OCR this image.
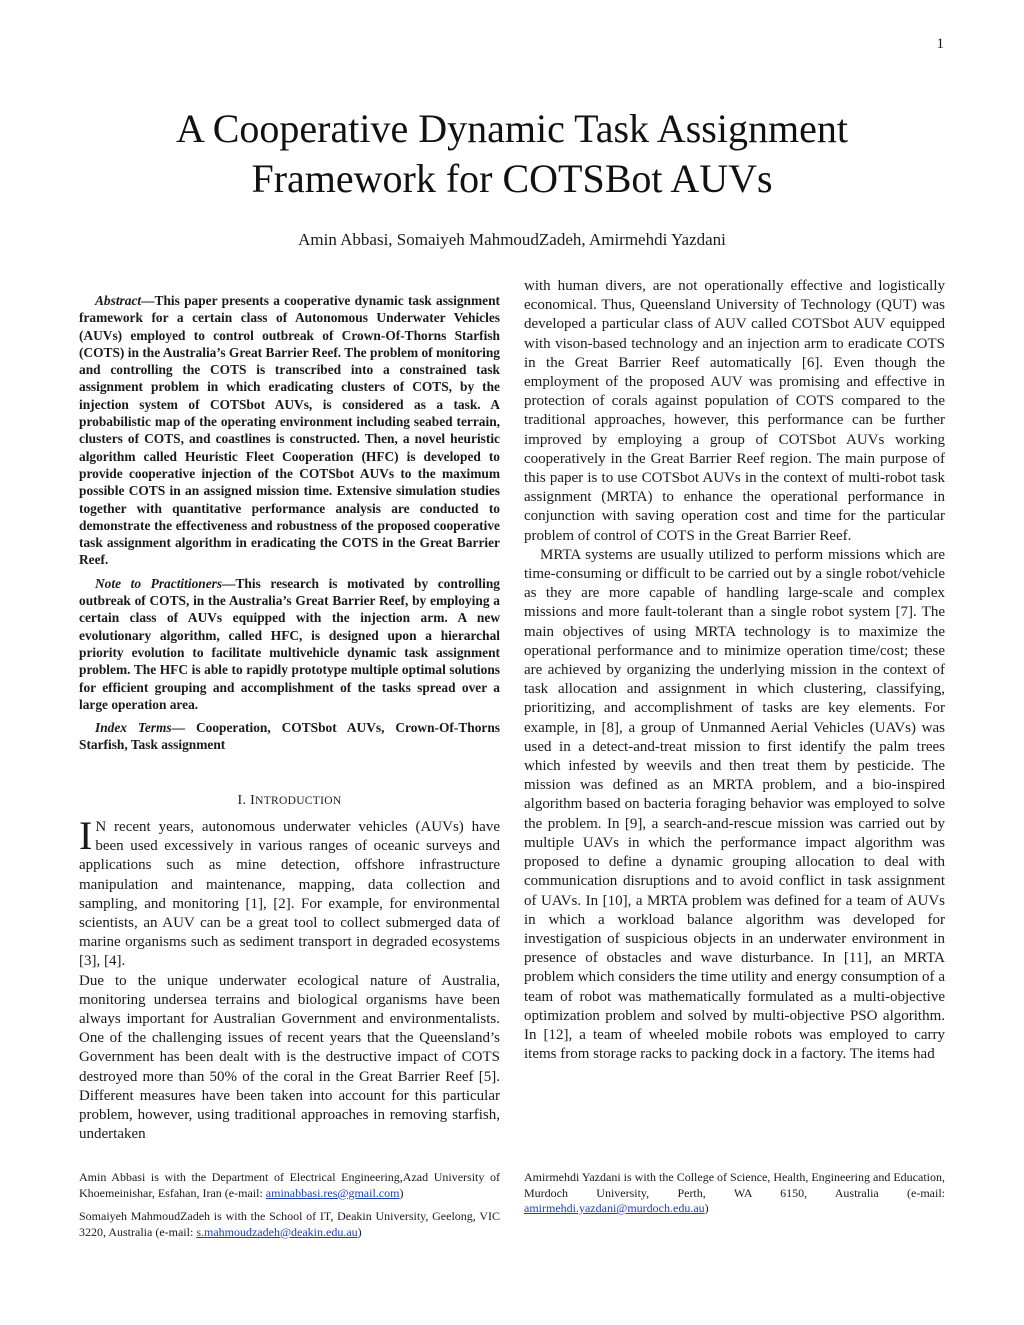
1
A Cooperative Dynamic Task Assignment
Framework for COTSBot AUVs
Amin Abbasi, Somaiyeh MahmoudZadeh, Amirmehdi Yazdani

Abstract—This paper presents a cooperative dynamic task assignment framework for a certain class of Autonomous Underwater Vehicles (AUVs) employed to control outbreak of Crown-Of-Thorns Starfish (COTS) in the Australia’s Great Barrier Reef. The problem of monitoring and controlling the COTS is transcribed into a constrained task assignment problem in which eradicating clusters of COTS, by the injection system of COTSbot AUVs, is considered as a task. A probabilistic map of the operating environment including seabed terrain, clusters of COTS, and coastlines is constructed. Then, a novel heuristic algorithm called Heuristic Fleet Cooperation (HFC) is developed to provide cooperative injection of the COTSbot AUVs to the maximum possible COTS in an assigned mission time. Extensive simulation studies together with quantitative performance analysis are conducted to demonstrate the effectiveness and robustness of the proposed cooperative task assignment algorithm in eradicating the COTS in the Great Barrier Reef.

Note to Practitioners—This research is motivated by controlling outbreak of COTS, in the Australia’s Great Barrier Reef, by employing a certain class of AUVs equipped with the injection arm. A new evolutionary algorithm, called HFC, is designed upon a hierarchal priority evolution to facilitate multivehicle dynamic task assignment problem. The HFC is able to rapidly prototype multiple optimal solutions for efficient grouping and accomplishment of the tasks spread over a large operation area.

Index Terms— Cooperation, COTSbot AUVs, Crown-Of-Thorns Starfish, Task assignment

I. INTRODUCTION

I N recent years, autonomous underwater vehicles (AUVs) have been used excessively in various ranges of oceanic surveys and applications such as mine detection, offshore infrastructure manipulation and maintenance, mapping, data collection and sampling, and monitoring [1], [2]. For example, for environmental scientists, an AUV can be a great tool to collect submerged data of marine organisms such as sediment transport in degraded ecosystems [3], [4].

Due to the unique underwater ecological nature of Australia, monitoring undersea terrains and biological organisms have been always important for Australian Government and environmentalists. One of the challenging issues of recent years that the Queensland’s Government has been dealt with is the destructive impact of COTS destroyed more than 50% of the coral in the Great Barrier Reef [5]. Different measures have been taken into account for this particular problem, however, using traditional approaches in removing starfish, undertaken

with human divers, are not operationally effective and logistically economical. Thus, Queensland University of Technology (QUT) was developed a particular class of AUV called COTSbot AUV equipped with vison-based technology and an injection arm to eradicate COTS in the Great Barrier Reef automatically [6]. Even though the employment of the proposed AUV was promising and effective in protection of corals against population of COTS compared to the traditional approaches, however, this performance can be further improved by employing a group of COTSbot AUVs working cooperatively in the Great Barrier Reef region. The main purpose of this paper is to use COTSbot AUVs in the context of multi-robot task assignment (MRTA) to enhance the operational performance in conjunction with saving operation cost and time for the particular problem of control of COTS in the Great Barrier Reef.

MRTA systems are usually utilized to perform missions which are time-consuming or difficult to be carried out by a single robot/vehicle as they are more capable of handling large-scale and complex missions and more fault-tolerant than a single robot system [7]. The main objectives of using MRTA technology is to maximize the operational performance and to minimize operation time/cost; these are achieved by organizing the underlying mission in the context of task allocation and assignment in which clustering, classifying, prioritizing, and accomplishment of tasks are key elements. For example, in [8], a group of Unmanned Aerial Vehicles (UAVs) was used in a detect-and-treat mission to first identify the palm trees which infested by weevils and then treat them by pesticide. The mission was defined as an MRTA problem, and a bio-inspired algorithm based on bacteria foraging behavior was employed to solve the problem. In [9], a search-and-rescue mission was carried out by multiple UAVs in which the performance impact algorithm was proposed to define a dynamic grouping allocation to deal with communication disruptions and to avoid conflict in task assignment of UAVs. In [10], a MRTA problem was defined for a team of AUVs in which a workload balance algorithm was developed for investigation of suspicious objects in an underwater environment in presence of obstacles and wave disturbance. In [11], an MRTA problem which considers the time utility and energy consumption of a team of robot was mathematically formulated as a multi-objective optimization problem and solved by multi-objective PSO algorithm. In [12], a team of wheeled mobile robots was employed to carry items from storage racks to packing dock in a factory. The items had

Amin Abbasi is with the Department of Electrical Engineering,Azad University of Khoemeinishar, Esfahan, Iran (e-mail: aminabbasi.res@gmail.com)

Somaiyeh MahmoudZadeh is with the School of IT, Deakin University, Geelong, VIC 3220, Australia (e-mail: s.mahmoudzadeh@deakin.edu.au)

Amirmehdi Yazdani is with the College of Science, Health, Engineering and Education, Murdoch University, Perth, WA 6150, Australia (e-mail: amirmehdi.yazdani@murdoch.edu.au)
